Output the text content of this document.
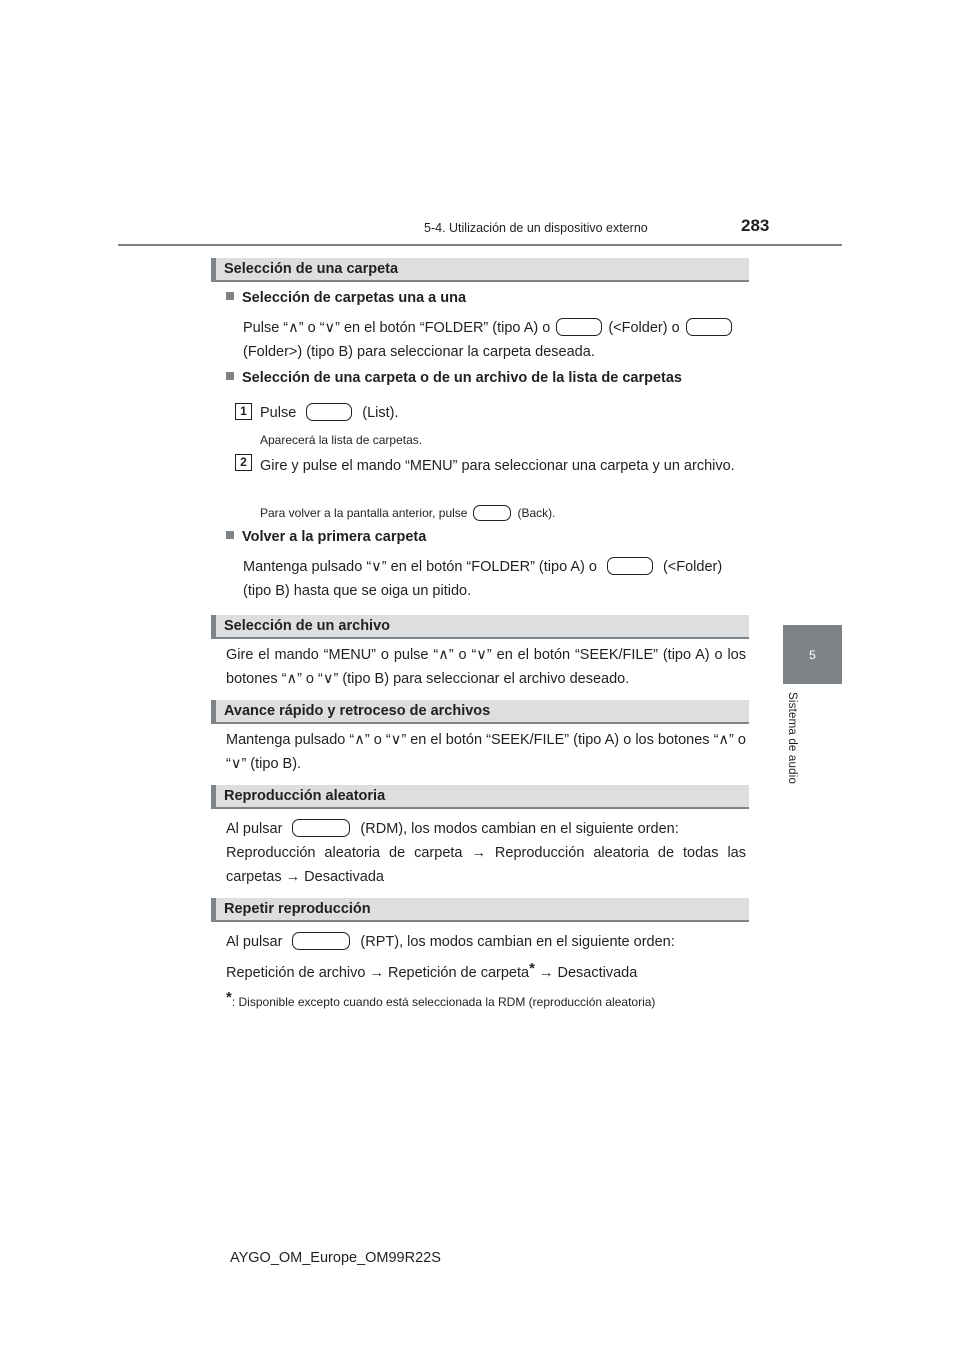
5-4. Utilización de un dispositivo externo	283
5
Sistema de audio
Selección de una carpeta
Selección de carpetas una a una
Pulse “∧” o “∨” en el botón “FOLDER” (tipo A) o	(<Folder) o
(Folder>) (tipo B) para seleccionar la carpeta deseada.
Selección de una carpeta o de un archivo de la lista de carpetas
1 Pulse	(List).
Aparecerá la lista de carpetas.
2 Gire y pulse el mando “MENU” para seleccionar una carpeta y un archivo.
Para volver a la pantalla anterior, pulse	(Back).
Volver a la primera carpeta
Mantenga pulsado “∨” en el botón “FOLDER” (tipo A) o	(<Folder)
(tipo B) hasta que se oiga un pitido.
Selección de un archivo
Gire el mando “MENU” o pulse “∧” o “∨” en el botón “SEEK/FILE” (tipo A) o los botones “∧” o “∨” (tipo B) para seleccionar el archivo deseado.
Avance rápido y retroceso de archivos
Mantenga pulsado “∧” o “∨” en el botón “SEEK/FILE” (tipo A) o los botones “∧” o “∨” (tipo B).
Reproducción aleatoria
Al pulsar	(RDM), los modos cambian en el siguiente orden:
Reproducción aleatoria de carpeta → Reproducción aleatoria de todas las carpetas → Desactivada
Repetir reproducción
Al pulsar	(RPT), los modos cambian en el siguiente orden:
Repetición de archivo → Repetición de carpeta* → Desactivada
*: Disponible excepto cuando está seleccionada la RDM (reproducción aleatoria)
AYGO_OM_Europe_OM99R22S
